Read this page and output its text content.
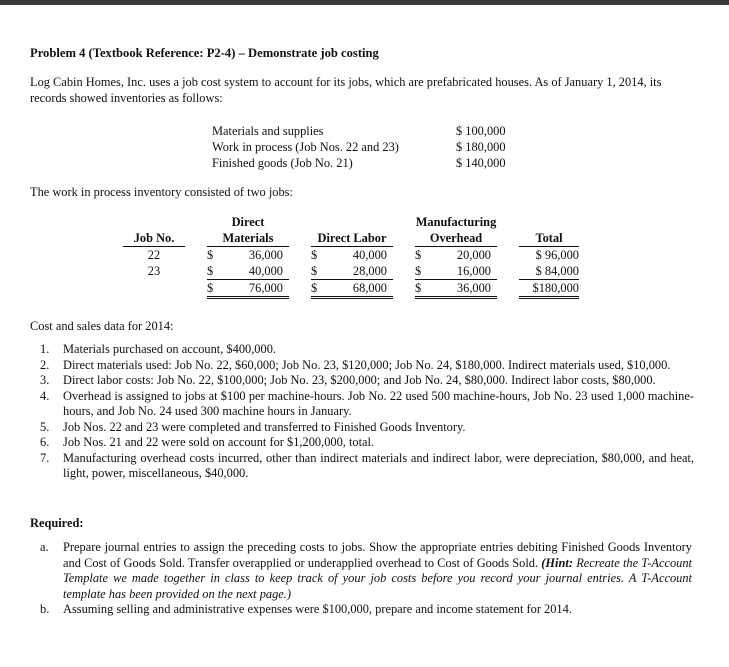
Problem 4 (Textbook Reference: P2-4) – Demonstrate job costing
Log Cabin Homes, Inc. uses a job cost system to account for its jobs, which are prefabricated houses. As of January 1, 2014, its records showed inventories as follows:
Materials and supplies	$ 100,000
Work in process (Job Nos. 22 and 23)	$ 180,000
Finished goods (Job No. 21)	$ 140,000
The work in process inventory consisted of two jobs:
		Direct						Manufacturing			
Job No.		Materials			Direct Labor			Overhead			Total
22		$	36,000		$	40,000		$	20,000		$ 96,000
23		$	40,000		$	28,000		$	16,000		$ 84,000
		$	76,000		$	68,000		$	36,000		$180,000
Cost and sales data for 2014:
1. Materials purchased on account, $400,000.
2. Direct materials used: Job No. 22, $60,000; Job No. 23, $120,000; Job No. 24, $180,000. Indirect materials used, $10,000.
3. Direct labor costs: Job No. 22, $100,000; Job No. 23, $200,000; and Job No. 24, $80,000. Indirect labor costs, $80,000.
4. Overhead is assigned to jobs at $100 per machine-hours. Job No. 22 used 500 machine-hours, Job No. 23 used 1,000 machine-hours, and Job No. 24 used 300 machine hours in January.
5. Job Nos. 22 and 23 were completed and transferred to Finished Goods Inventory.
6. Job Nos. 21 and 22 were sold on account for $1,200,000, total.
7. Manufacturing overhead costs incurred, other than indirect materials and indirect labor, were depreciation, $80,000, and heat, light, power, miscellaneous, $40,000.
Required:
a. Prepare journal entries to assign the preceding costs to jobs. Show the appropriate entries debiting Finished Goods Inventory and Cost of Goods Sold. Transfer overapplied or underapplied overhead to Cost of Goods Sold. (Hint: Recreate the T-Account Template we made together in class to keep track of your job costs before you record your journal entries. A T-Account template has been provided on the next page.)
b. Assuming selling and administrative expenses were $100,000, prepare and income statement for 2014.
